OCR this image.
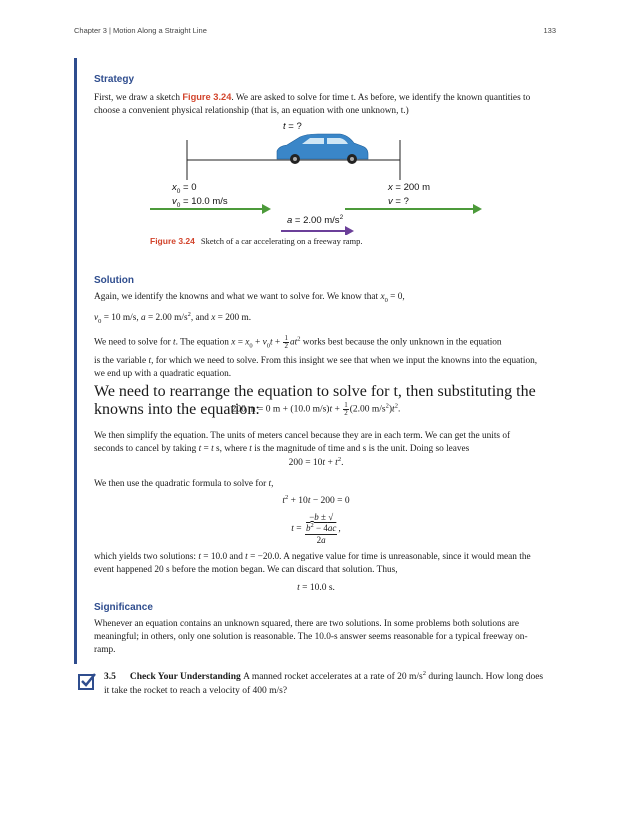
Chapter 3 | Motion Along a Straight Line	133
Strategy

First, we draw a sketch Figure 3.24. We are asked to solve for time t. As before, we identify the known quantities to choose a convenient physical relationship (that is, an equation with one unknown, t.)

t = ?
$x_0 = 0$
$v_0 = 10.0$ m/s
x = 200 m
v = ?
a = 2.00 $m/s^2$
Figure 3.24 Sketch of a car accelerating on a freeway ramp.
Solution

Again, we identify the knowns and what we want to solve for. We know that $x_0 = 0$,

$v_0 = 10$ m/s, a = 2.00 $m/s^2$, and x = 200 m.

We need to solve for t. The equation $x = x_0 + v_0t + \frac{1}{2} at^2$ works best because the only unknown in the equation

is the variable t, for which we need to solve. From this insight we see that when we input the knowns into the equation, we end up with a quadratic equation.

We need to rearrange the equation to solve for t, then substituting the knowns into the equation:
200 m = 0 m + (10.0 $m/s)t + \frac{1}{2} (2.00$ $m/s^2)t^2$.

We then simplify the equation. The units of meters cancel because they are in each term. We can get the units of seconds to cancel by taking t = t s, where t is the magnitude of time and s is the unit. Doing so leaves

$200 = 10t + t^2$.

We then use the quadratic formula to solve for t,

$t^2 + 10t - 200 = 0$
t = −b ± √
$b^2 - 4ac$
2a ,

which yields two solutions: t = 10.0 and t = −20.0. A negative value for time is unreasonable, since it would mean the event happened 20 s before the motion began. We can discard that solution. Thus,

t = 10.0 s.
Significance

Whenever an equation contains an unknown squared, there are two solutions. In some problems both solutions are meaningful; in others, only one solution is reasonable. The 10.0-s answer seems reasonable for a typical freeway on-ramp.

3.5 Check Your Understanding A manned rocket accelerates at a rate of 20 $m/s^2$ during launch. How long does it take the rocket to reach a velocity of 400 m/s?
